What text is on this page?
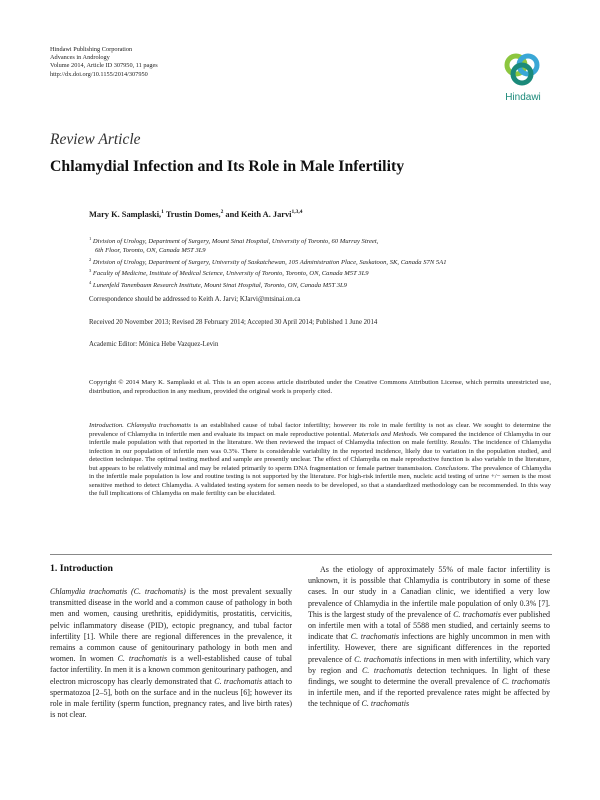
Hindawi Publishing Corporation
Advances in Andrology
Volume 2014, Article ID 307950, 11 pages
http://dx.doi.org/10.1155/2014/307950
Hindawi
Review Article
Chlamydial Infection and Its Role in Male Infertility
Mary K. Samplaski,$^1$ Trustin Domes,$^2$ and Keith A. Jarvi$^{1,3,4}$
$^1$ Division of Urology, Department of Surgery, Mount Sinai Hospital, University of Toronto, 60 Murray Street,
6th Floor, Toronto, ON, Canada M5T 3L9
$^2$ Division of Urology, Department of Surgery, University of Saskatchewan, 105 Administration Place, Saskatoon, SK, Canada S7N 5A1
$^3$ Faculty of Medicine, Institute of Medical Science, University of Toronto, Toronto, ON, Canada M5T 3L9
$^4$ Lunenfeld Tanenbaum Research Institute, Mount Sinai Hospital, Toronto, ON, Canada M5T 3L9
Correspondence should be addressed to Keith A. Jarvi; KJarvi@mtsinai.on.ca
Received 20 November 2013; Revised 28 February 2014; Accepted 30 April 2014; Published 1 June 2014
Academic Editor: Mónica Hebe Vazquez-Levin
Copyright © 2014 Mary K. Samplaski et al. This is an open access article distributed under the Creative Commons Attribution License, which permits unrestricted use, distribution, and reproduction in any medium, provided the original work is properly cited.
Introduction. Chlamydia trachomatis is an established cause of tubal factor infertility; however its role in male fertility is not as clear. We sought to determine the prevalence of Chlamydia in infertile men and evaluate its impact on male reproductive potential. Materials and Methods. We compared the incidence of Chlamydia in our infertile male population with that reported in the literature. We then reviewed the impact of Chlamydia infection on male fertility. Results. The incidence of Chlamydia infection in our population of infertile men was 0.3%. There is considerable variability in the reported incidence, likely due to variation in the population studied, and detection technique. The optimal testing method and sample are presently unclear. The effect of Chlamydia on male reproductive function is also variable in the literature, but appears to be relatively minimal and may be related primarily to sperm DNA fragmentation or female partner transmission. Conclusions. The prevalence of Chlamydia in the infertile male population is low and routine testing is not supported by the literature. For high-risk infertile men, nucleic acid testing of urine +/− semen is the most sensitive method to detect Chlamydia. A validated testing system for semen needs to be developed, so that a standardized methodology can be recommended. In this way the full implications of Chlamydia on male fertility can be elucidated.
1. Introduction

Chlamydia trachomatis (C. trachomatis) is the most prevalent sexually transmitted disease in the world and a common cause of pathology in both men and women, causing urethritis, epididymitis, prostatitis, cervicitis, pelvic inflammatory disease (PID), ectopic pregnancy, and tubal factor infertility [1]. While there are regional differences in the prevalence, it remains a common cause of genitourinary pathology in both men and women. In women C. trachomatis is a well-established cause of tubal factor infertility. In men it is a known common genitourinary pathogen, and electron microscopy has clearly demonstrated that C. trachomatis attach to spermatozoa [2–5], both on the surface and in the nucleus [6]; however its role in male fertility (sperm function, pregnancy rates, and live birth rates) is not clear.

As the etiology of approximately 55% of male factor infertility is unknown, it is possible that Chlamydia is contributory in some of these cases. In our study in a Canadian clinic, we identified a very low prevalence of Chlamydia in the infertile male population of only 0.3% [7]. This is the largest study of the prevalence of C. trachomatis ever published on infertile men with a total of 5588 men studied, and certainly seems to indicate that C. trachomatis infections are highly uncommon in men with infertility. However, there are significant differences in the reported prevalence of C. trachomatis infections in men with infertility, which vary by region and C. trachomatis detection techniques. In light of these findings, we sought to determine the overall prevalence of C. trachomatis in infertile men, and if the reported prevalence rates might be affected by the technique of C. trachomatis
